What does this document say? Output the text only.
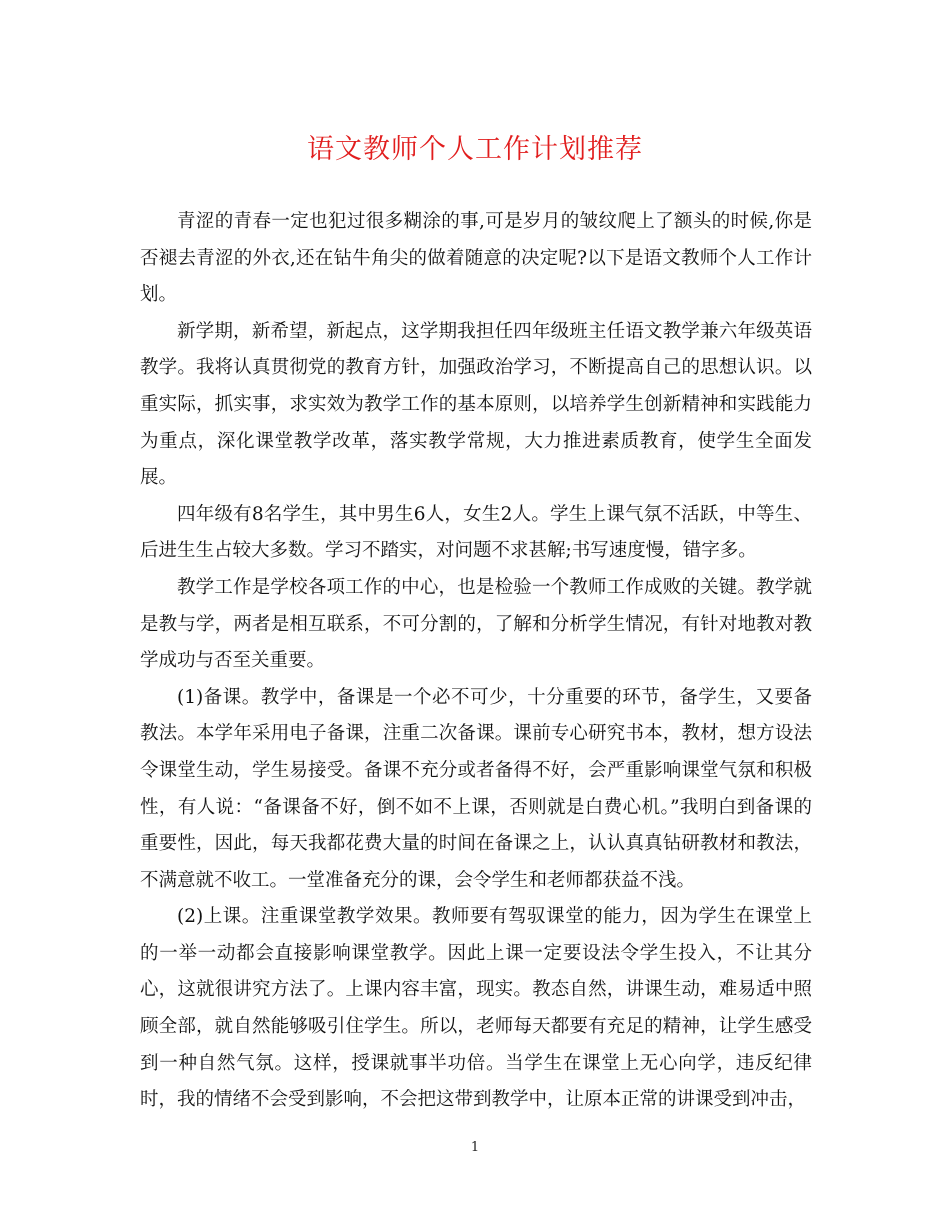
语文教师个人工作计划推荐

青涩的青春一定也犯过很多糊涂的事,可是岁月的皱纹爬上了额头的时候,你是否褪去青涩的外衣,还在钻牛角尖的做着随意的决定呢?以下是语文教师个人工作计划。

新学期，新希望，新起点，这学期我担任四年级班主任语文教学兼六年级英语教学。我将认真贯彻党的教育方针，加强政治学习，不断提高自己的思想认识。以重实际，抓实事，求实效为教学工作的基本原则，以培养学生创新精神和实践能力为重点，深化课堂教学改革，落实教学常规，大力推进素质教育，使学生全面发展。

四年级有8名学生，其中男生6人，女生2人。学生上课气氛不活跃，中等生、后进生生占较大多数。学习不踏实，对问题不求甚解;书写速度慢，错字多。

教学工作是学校各项工作的中心，也是检验一个教师工作成败的关键。教学就是教与学，两者是相互联系，不可分割的，了解和分析学生情况，有针对地教对教学成功与否至关重要。

(1)备课。教学中，备课是一个必不可少，十分重要的环节，备学生，又要备教法。本学年采用电子备课，注重二次备课。课前专心研究书本，教材，想方设法令课堂生动，学生易接受。备课不充分或者备得不好，会严重影响课堂气氛和积极性，有人说：“备课备不好，倒不如不上课，否则就是白费心机。”我明白到备课的重要性，因此，每天我都花费大量的时间在备课之上，认认真真钻研教材和教法，不满意就不收工。一堂准备充分的课，会令学生和老师都获益不浅。

(2)上课。注重课堂教学效果。教师要有驾驭课堂的能力，因为学生在课堂上的一举一动都会直接影响课堂教学。因此上课一定要设法令学生投入，不让其分心，这就很讲究方法了。上课内容丰富，现实。教态自然，讲课生动，难易适中照顾全部，就自然能够吸引住学生。所以，老师每天都要有充足的精神，让学生感受到一种自然气氛。这样，授课就事半功倍。当学生在课堂上无心向学，违反纪律时，我的情绪不会受到影响，不会把这带到教学中，让原本正常的讲课受到冲击，

1
